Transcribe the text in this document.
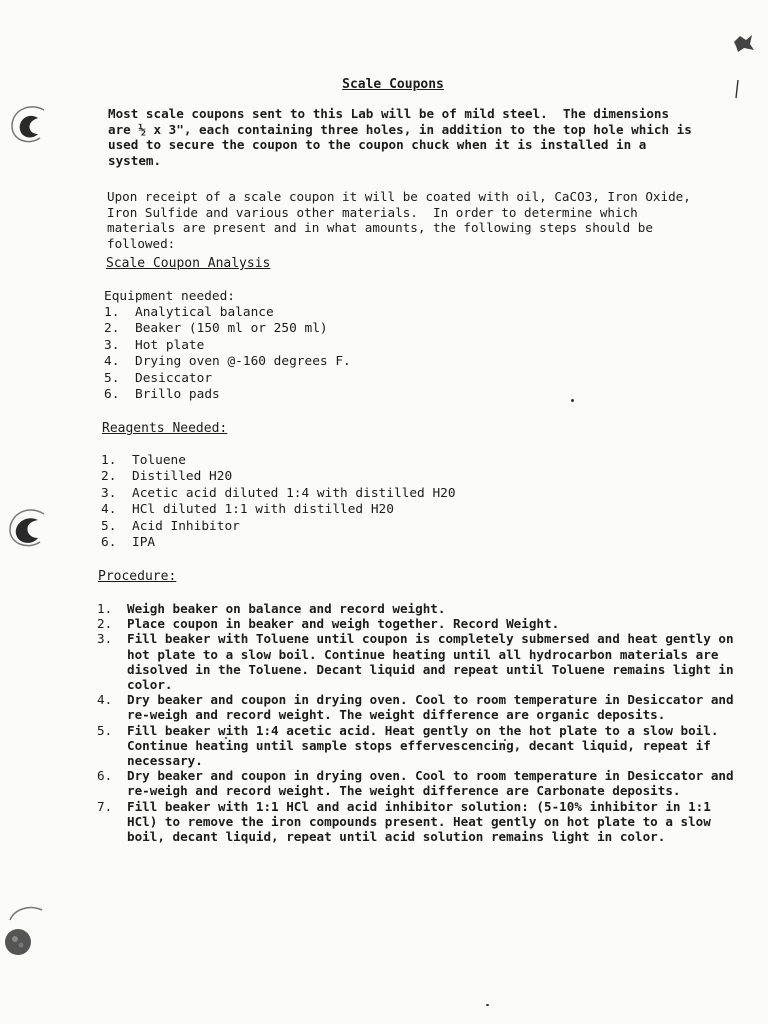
Scale Coupons
Most scale coupons sent to this Lab will be of mild steel.  The dimensions are ½ x 3", each containing three holes, in addition to the top hole which is used to secure the coupon to the coupon chuck when it is installed in a system.
Upon receipt of a scale coupon it will be coated with oil, CaCO3, Iron Oxide, Iron Sulfide and various other materials.  In order to determine which materials are present and in what amounts, the following steps should be followed:
Scale Coupon Analysis
Equipment needed:
1.	Analytical balance
2.	Beaker (150 ml or 250 ml)
3.	Hot plate
4.	Drying oven @-160 degrees F.
5.	Desiccator
6.	Brillo pads
Reagents Needed:
1.	Toluene
2.	Distilled H20
3.	Acetic acid diluted 1:4 with distilled H20
4.	HCl diluted 1:1 with distilled H20
5.	Acid Inhibitor
6.	IPA
Procedure:
1.	Weigh beaker on balance and record weight.
2.	Place coupon in beaker and weigh together. Record Weight.
3.	Fill beaker with Toluene until coupon is completely submersed and heat gently on hot plate to a slow boil. Continue heating until all hydrocarbon materials are disolved in the Toluene. Decant liquid and repeat until Toluene remains light in color.
4.	Dry beaker and coupon in drying oven. Cool to room temperature in Desiccator and re-weigh and record weight. The weight difference are organic deposits.
5.	Fill beaker with 1:4 acetic acid. Heat gently on the hot plate to a slow boil. Continue heating until sample stops effervescencing, decant liquid, repeat if necessary.
6.	Dry beaker and coupon in drying oven. Cool to room temperature in Desiccator and re-weigh and record weight. The weight difference are Carbonate deposits.
7.	Fill beaker with 1:1 HCl and acid inhibitor solution: (5-10% inhibitor in 1:1 HCl) to remove the iron compounds present. Heat gently on hot plate to a slow boil, decant liquid, repeat until acid solution remains light in color.
